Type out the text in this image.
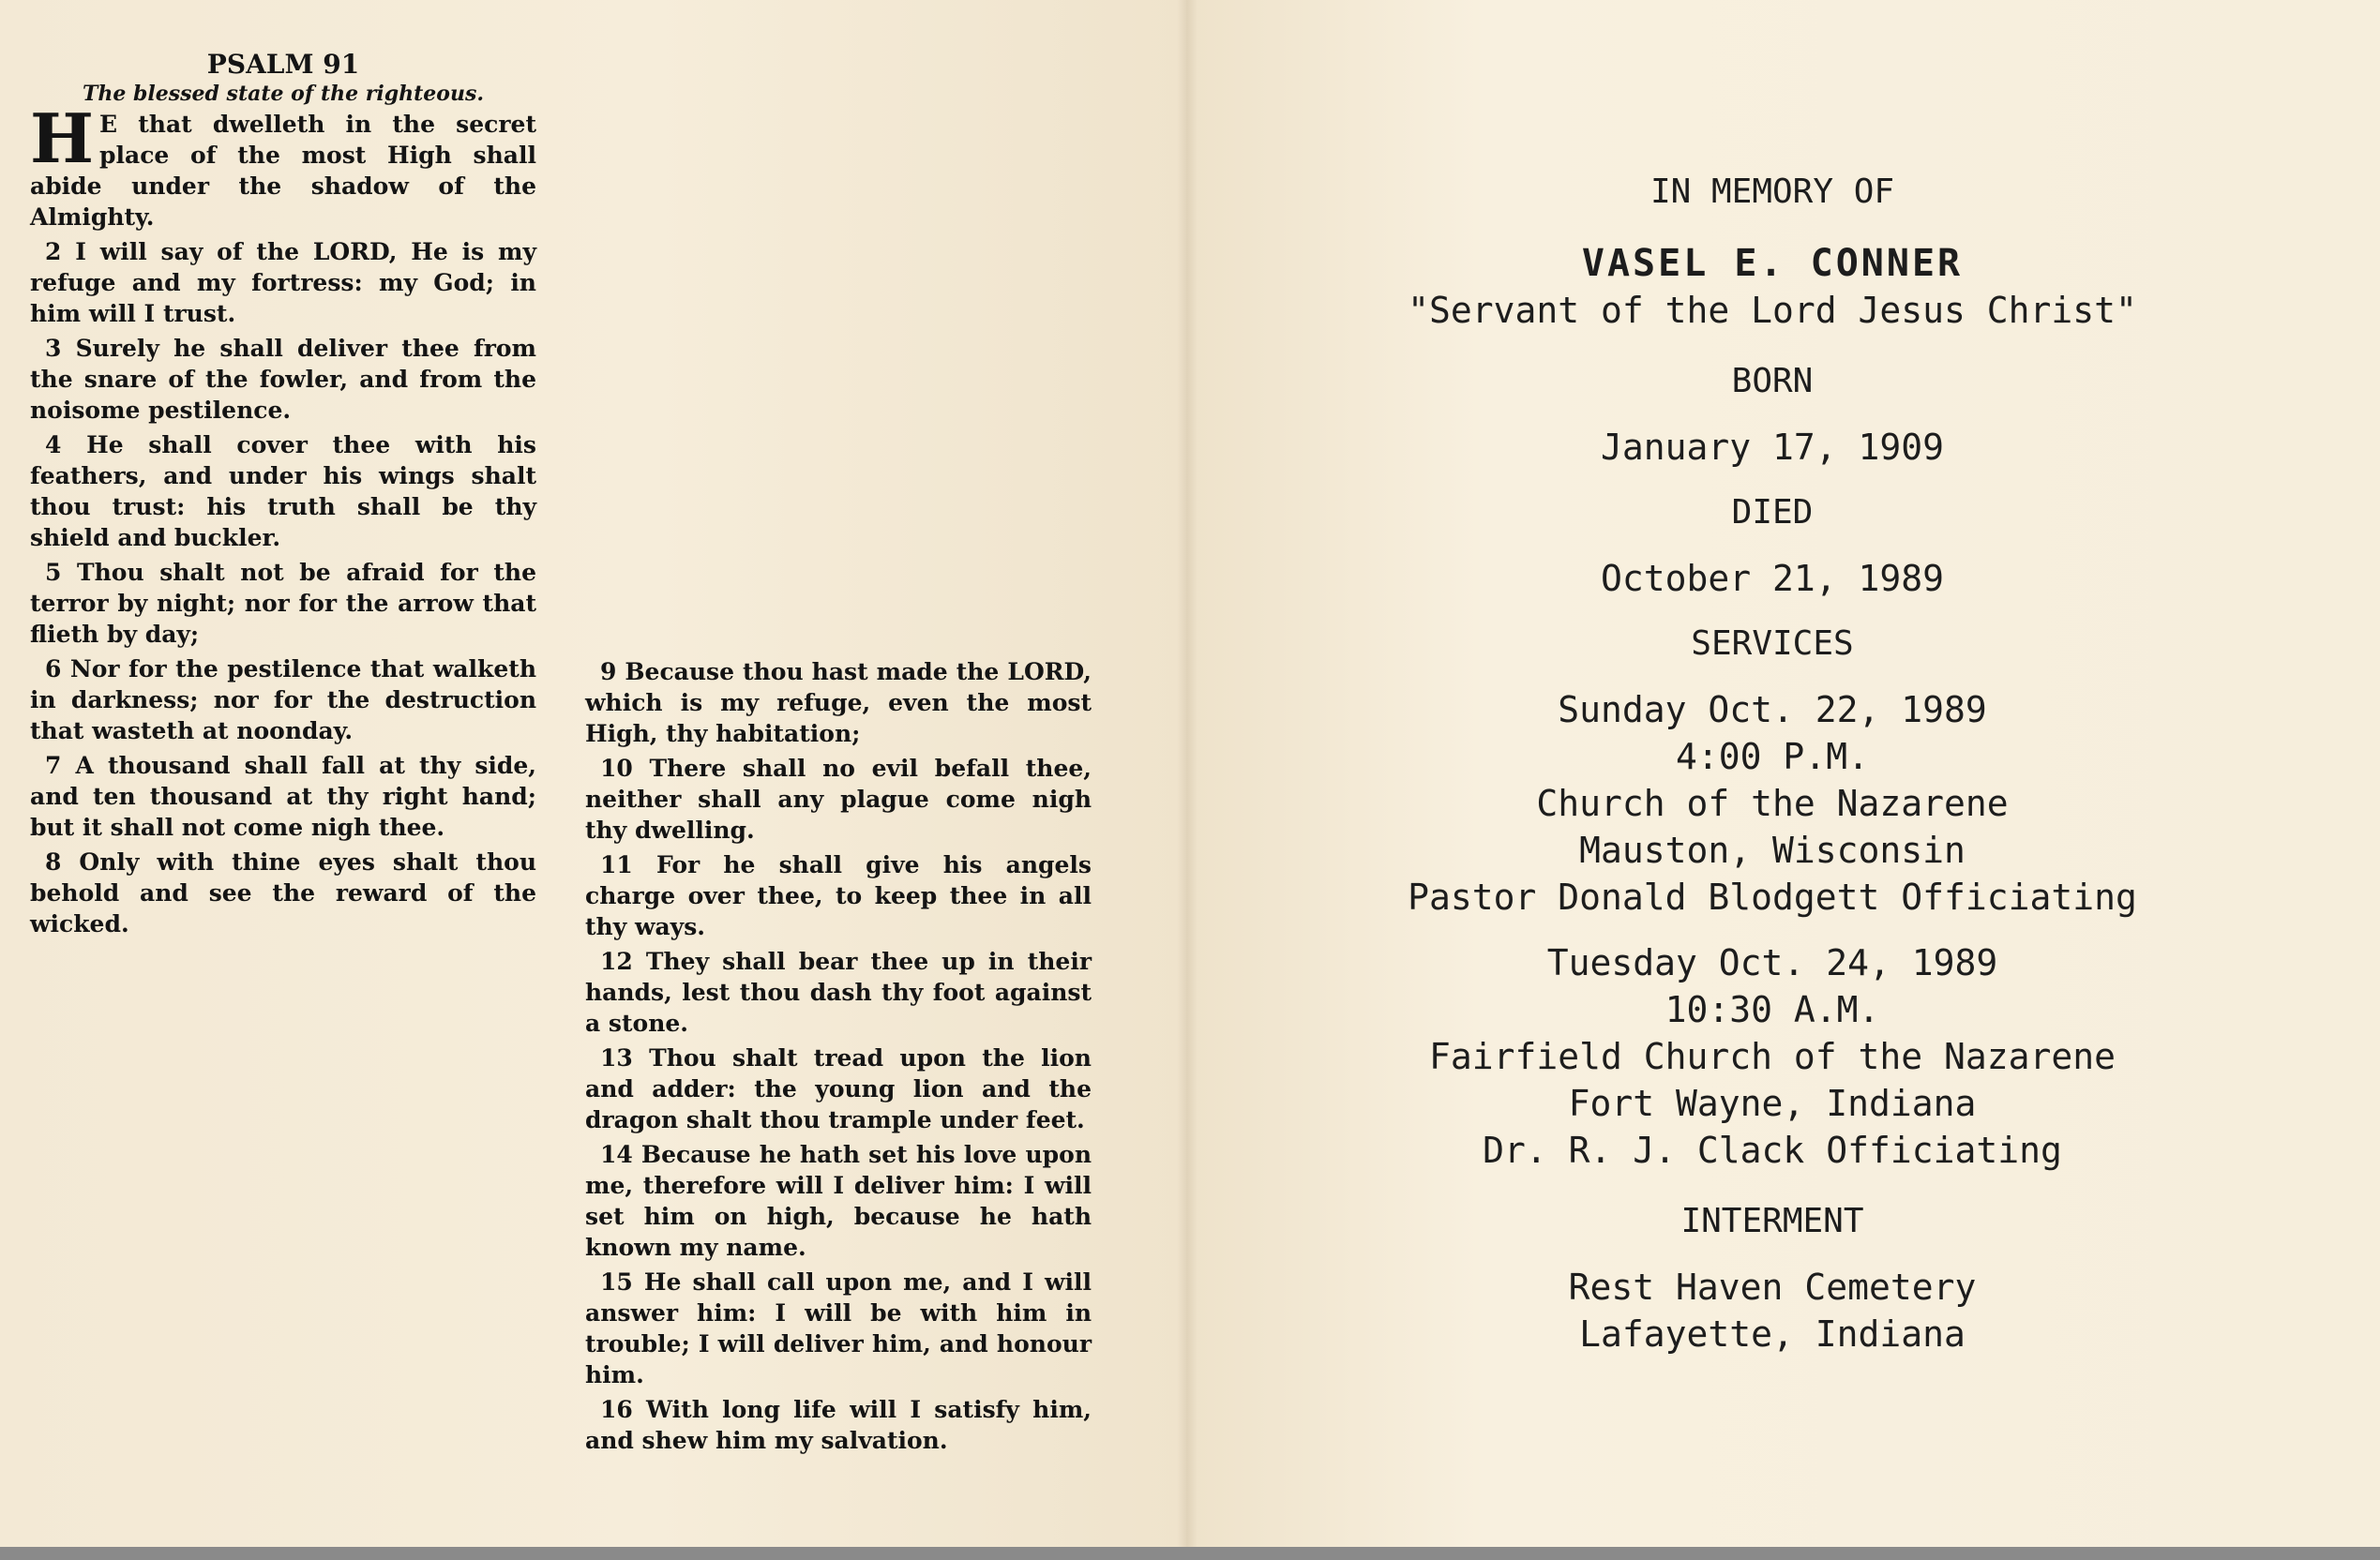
PSALM 91

The blessed state of the righteous.

H E that dwelleth in the secret place of the most High shall abide under the shadow of the Almighty.

2 I will say of the LORD, He is my refuge and my fortress: my God; in him will I trust.

3 Surely he shall deliver thee from the snare of the fowler, and from the noisome pestilence.

4 He shall cover thee with his feathers, and under his wings shalt thou trust: his truth shall be thy shield and buckler.

5 Thou shalt not be afraid for the terror by night; nor for the arrow that flieth by day;

6 Nor for the pestilence that walketh in darkness; nor for the destruction that wasteth at noonday.

7 A thousand shall fall at thy side, and ten thousand at thy right hand; but it shall not come nigh thee.

8 Only with thine eyes shalt thou behold and see the reward of the wicked.

9 Because thou hast made the LORD, which is my refuge, even the most High, thy habitation;

10 There shall no evil befall thee, neither shall any plague come nigh thy dwelling.

11 For he shall give his angels charge over thee, to keep thee in all thy ways.

12 They shall bear thee up in their hands, lest thou dash thy foot against a stone.

13 Thou shalt tread upon the lion and adder: the young lion and the dragon shalt thou trample under feet.

14 Because he hath set his love upon me, therefore will I deliver him: I will set him on high, because he hath known my name.

15 He shall call upon me, and I will answer him: I will be with him in trouble; I will deliver him, and honour him.

16 With long life will I satisfy him, and shew him my salvation.

IN MEMORY OF
VASEL E. CONNER
"Servant of the Lord Jesus Christ"
BORN
January 17, 1909
DIED
October 21, 1989
SERVICES
Sunday Oct. 22, 1989
4:00 P.M.
Church of the Nazarene
Mauston, Wisconsin
Pastor Donald Blodgett Officiating
Tuesday Oct. 24, 1989
10:30 A.M.
Fairfield Church of the Nazarene
Fort Wayne, Indiana
Dr. R. J. Clack Officiating
INTERMENT
Rest Haven Cemetery
Lafayette, Indiana
